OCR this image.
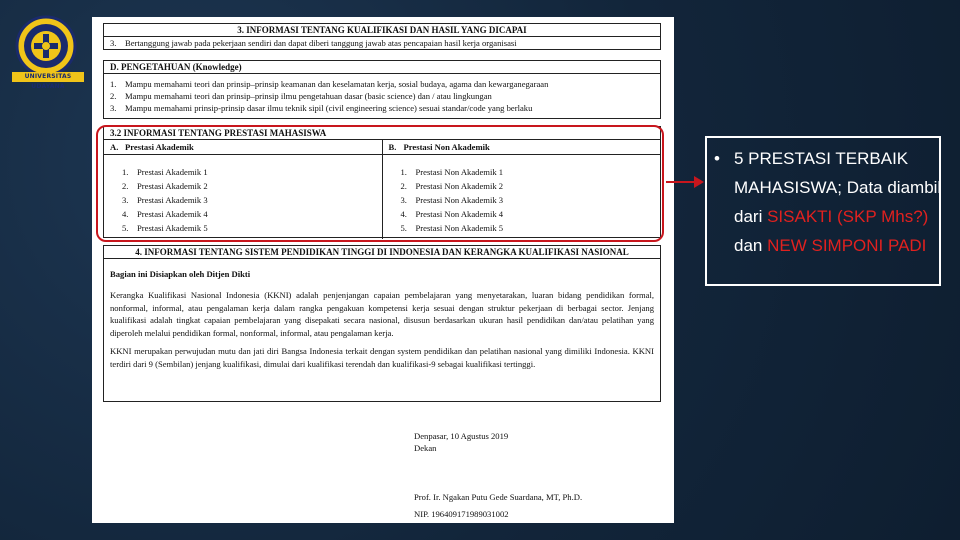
UNIVERSITAS UDAYANA
3. INFORMASI TENTANG KUALIFIKASI DAN HASIL YANG DICAPAI
3. Bertanggung jawab pada pekerjaan sendiri dan dapat diberi tanggung jawab atas pencapaian hasil kerja organisasi
D. PENGETAHUAN (Knowledge)
1. Mampu memahami teori dan prinsip–prinsip keamanan dan keselamatan kerja, sosial budaya, agama dan kewarganegaraan
2. Mampu memahami teori dan prinsip–prinsip ilmu pengetahuan dasar (basic science) dan / atau lingkungan
3. Mampu memahami prinsip-prinsip dasar ilmu teknik sipil (civil engineering science) sesuai standar/code yang berlaku
3.2 INFORMASI TENTANG PRESTASI MAHASISWA
A. Prestasi Akademik
1. Prestasi Akademik 1
2. Prestasi Akademik 2
3. Prestasi Akademik 3
4. Prestasi Akademik 4
5. Prestasi Akademik 5
B. Prestasi Non Akademik
1. Prestasi Non Akademik 1
2. Prestasi Non Akademik 2
3. Prestasi Non Akademik 3
4. Prestasi Non Akademik 4
5. Prestasi Non Akademik 5
4. INFORMASI TENTANG SISTEM PENDIDIKAN TINGGI DI INDONESIA DAN KERANGKA KUALIFIKASI NASIONAL
Bagian ini Disiapkan oleh Ditjen Dikti
Kerangka Kualifikasi Nasional Indonesia (KKNI) adalah penjenjangan capaian pembelajaran yang menyetarakan, luaran bidang pendidikan formal, nonformal, informal, atau pengalaman kerja dalam rangka pengakuan kompetensi kerja sesuai dengan struktur pekerjaan di berbagai sector. Jenjang kualifikasi adalah tingkat capaian pembelajaran yang disepakati secara nasional, disusun berdasarkan ukuran hasil pendidikan dan/atau pelatihan yang diperoleh melalui pendidikan formal, nonformal, informal, atau pengalaman kerja.
KKNI merupakan perwujudan mutu dan jati diri Bangsa Indonesia terkait dengan system pendidikan dan pelatihan nasional yang dimiliki Indonesia. KKNI terdiri dari 9 (Sembilan) jenjang kualifikasi, dimulai dari kualifikasi terendah dan kualifikasi-9 sebagai kualifikasi tertinggi.
Denpasar, 10 Agustus 2019
Dekan
Prof. Ir. Ngakan Putu Gede Suardana, MT, Ph.D.
NIP. 196409171989031002
• 5 PRESTASI TERBAIK MAHASISWA; Data diambil dari SISAKTI (SKP Mhs?) dan NEW SIMPONI PADI
